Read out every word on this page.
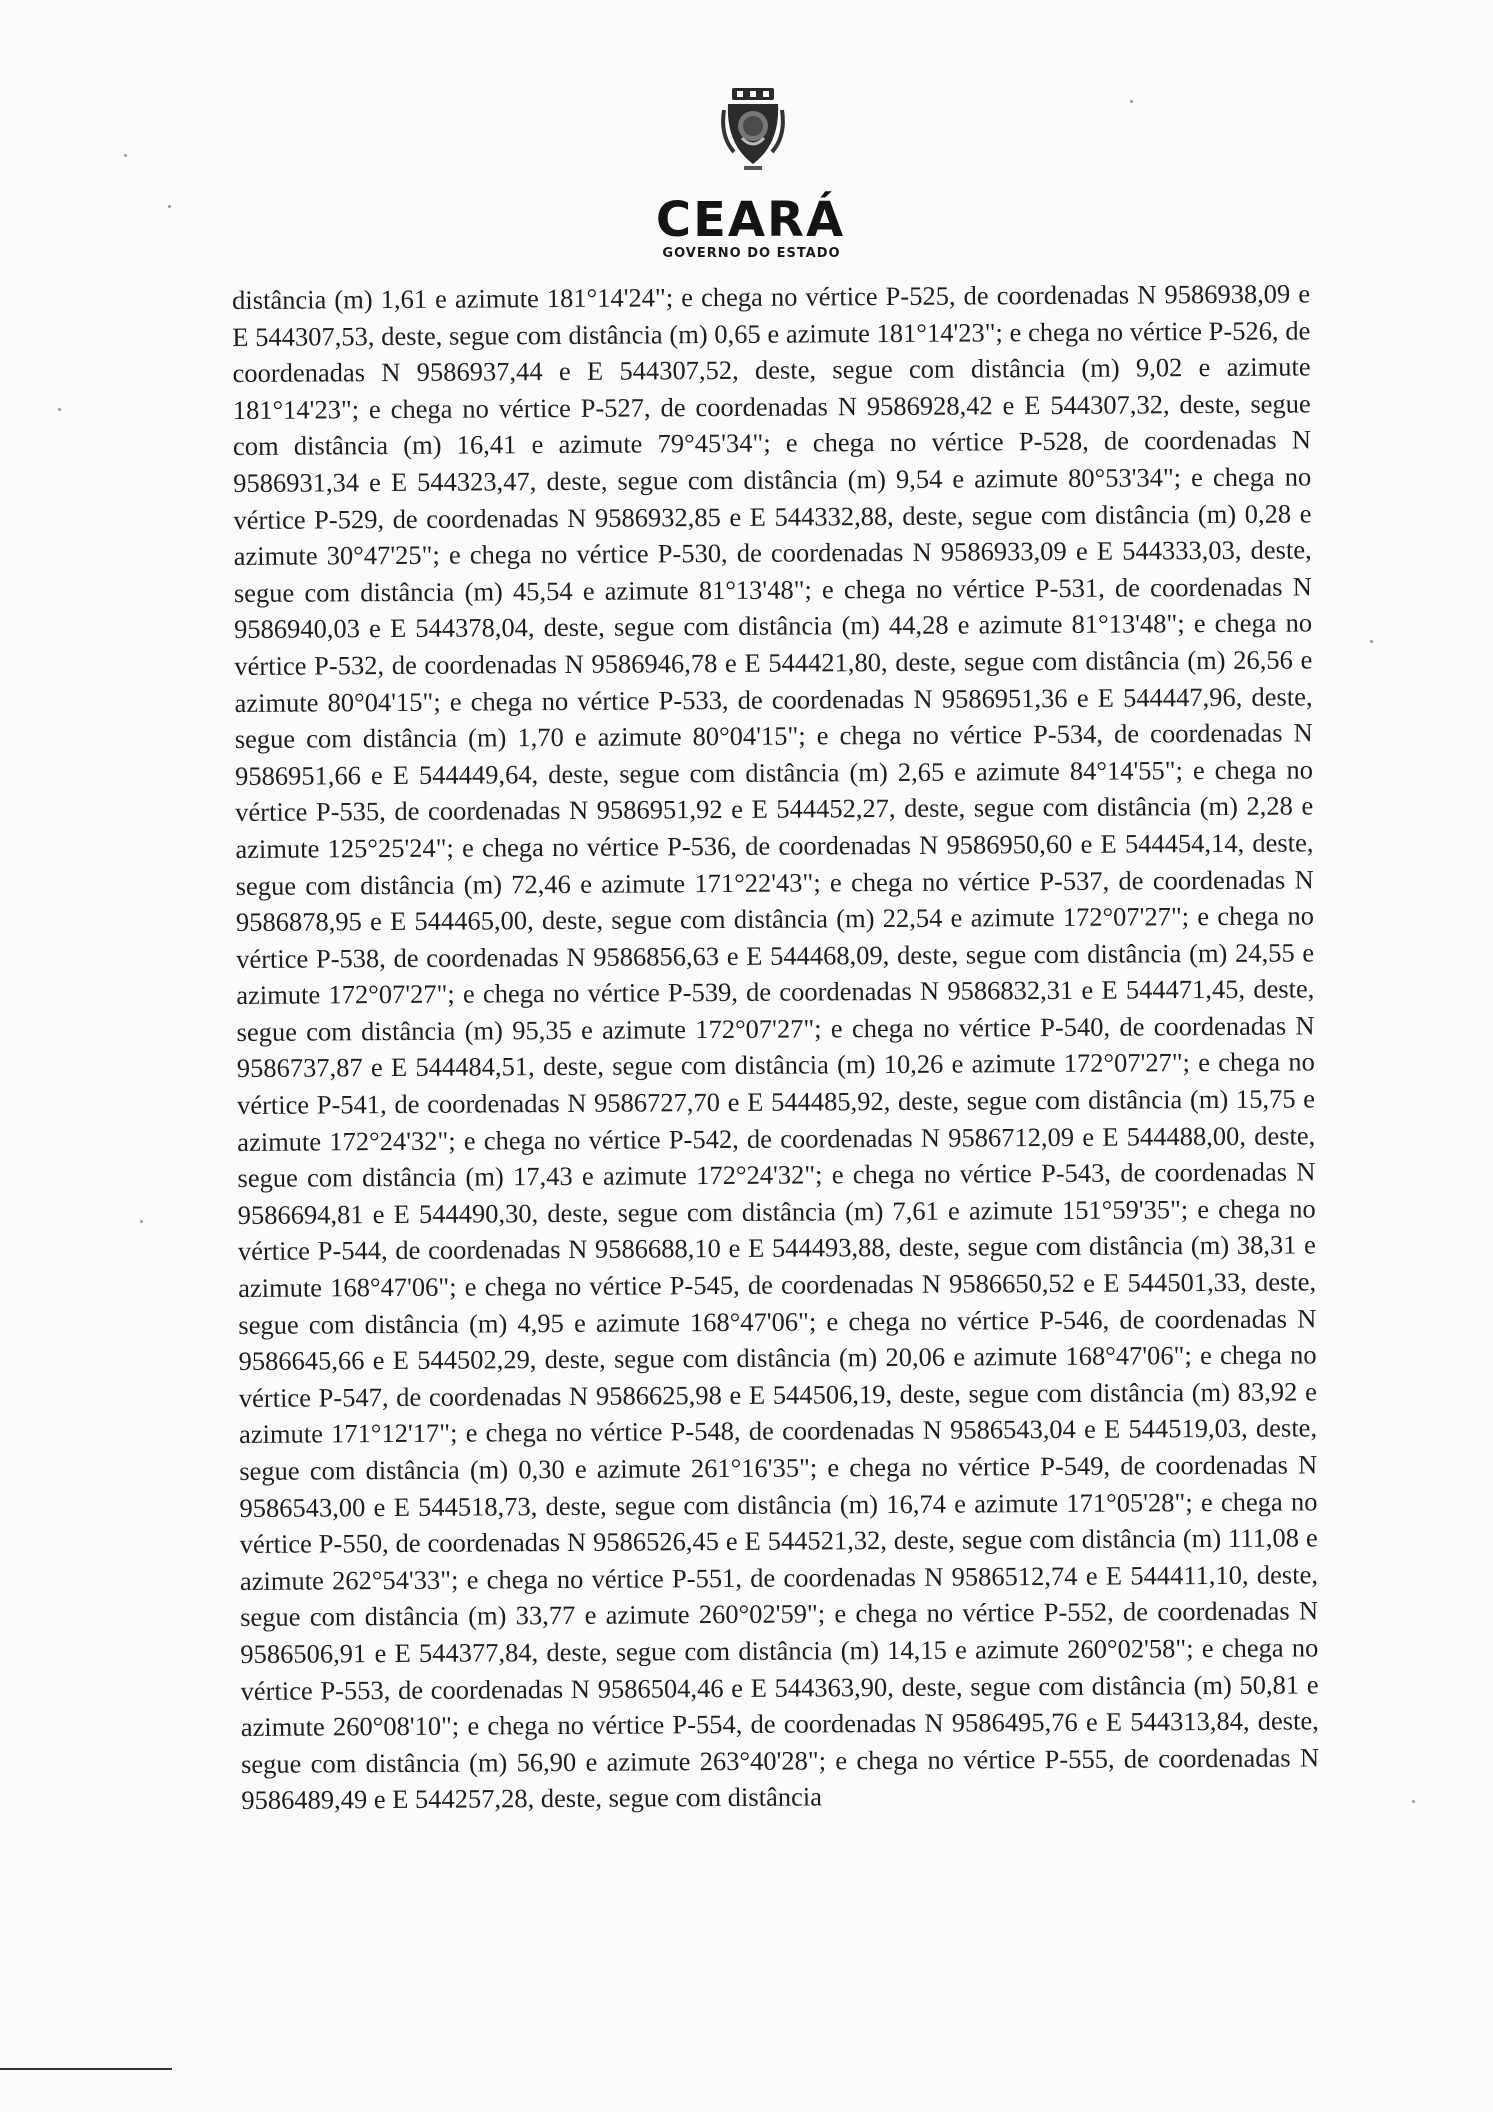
CEARÁ
GOVERNO DO ESTADO

distância (m) 1,61 e azimute 181°14'24"; e chega no vértice P-525, de coordenadas N 9586938,09 e E 544307,53, deste, segue com distância (m) 0,65 e azimute 181°14'23"; e chega no vértice P-526, de coordenadas N 9586937,44 e E 544307,52, deste, segue com distância (m) 9,02 e azimute 181°14'23"; e chega no vértice P-527, de coordenadas N 9586928,42 e E 544307,32, deste, segue com distância (m) 16,41 e azimute 79°45'34"; e chega no vértice P-528, de coordenadas N 9586931,34 e E 544323,47, deste, segue com distância (m) 9,54 e azimute 80°53'34"; e chega no vértice P-529, de coordenadas N 9586932,85 e E 544332,88, deste, segue com distância (m) 0,28 e azimute 30°47'25"; e chega no vértice P-530, de coordenadas N 9586933,09 e E 544333,03, deste, segue com distância (m) 45,54 e azimute 81°13'48"; e chega no vértice P-531, de coordenadas N 9586940,03 e E 544378,04, deste, segue com distância (m) 44,28 e azimute 81°13'48"; e chega no vértice P-532, de coordenadas N 9586946,78 e E 544421,80, deste, segue com distância (m) 26,56 e azimute 80°04'15"; e chega no vértice P-533, de coordenadas N 9586951,36 e E 544447,96, deste, segue com distância (m) 1,70 e azimute 80°04'15"; e chega no vértice P-534, de coordenadas N 9586951,66 e E 544449,64, deste, segue com distância (m) 2,65 e azimute 84°14'55"; e chega no vértice P-535, de coordenadas N 9586951,92 e E 544452,27, deste, segue com distância (m) 2,28 e azimute 125°25'24"; e chega no vértice P-536, de coordenadas N 9586950,60 e E 544454,14, deste, segue com distância (m) 72,46 e azimute 171°22'43"; e chega no vértice P-537, de coordenadas N 9586878,95 e E 544465,00, deste, segue com distância (m) 22,54 e azimute 172°07'27"; e chega no vértice P-538, de coordenadas N 9586856,63 e E 544468,09, deste, segue com distância (m) 24,55 e azimute 172°07'27"; e chega no vértice P-539, de coordenadas N 9586832,31 e E 544471,45, deste, segue com distância (m) 95,35 e azimute 172°07'27"; e chega no vértice P-540, de coordenadas N 9586737,87 e E 544484,51, deste, segue com distância (m) 10,26 e azimute 172°07'27"; e chega no vértice P-541, de coordenadas N 9586727,70 e E 544485,92, deste, segue com distância (m) 15,75 e azimute 172°24'32"; e chega no vértice P-542, de coordenadas N 9586712,09 e E 544488,00, deste, segue com distância (m) 17,43 e azimute 172°24'32"; e chega no vértice P-543, de coordenadas N 9586694,81 e E 544490,30, deste, segue com distância (m) 7,61 e azimute 151°59'35"; e chega no vértice P-544, de coordenadas N 9586688,10 e E 544493,88, deste, segue com distância (m) 38,31 e azimute 168°47'06"; e chega no vértice P-545, de coordenadas N 9586650,52 e E 544501,33, deste, segue com distância (m) 4,95 e azimute 168°47'06"; e chega no vértice P-546, de coordenadas N 9586645,66 e E 544502,29, deste, segue com distância (m) 20,06 e azimute 168°47'06"; e chega no vértice P-547, de coordenadas N 9586625,98 e E 544506,19, deste, segue com distância (m) 83,92 e azimute 171°12'17"; e chega no vértice P-548, de coordenadas N 9586543,04 e E 544519,03, deste, segue com distância (m) 0,30 e azimute 261°16'35"; e chega no vértice P-549, de coordenadas N 9586543,00 e E 544518,73, deste, segue com distância (m) 16,74 e azimute 171°05'28"; e chega no vértice P-550, de coordenadas N 9586526,45 e E 544521,32, deste, segue com distância (m) 111,08 e azimute 262°54'33"; e chega no vértice P-551, de coordenadas N 9586512,74 e E 544411,10, deste, segue com distância (m) 33,77 e azimute 260°02'59"; e chega no vértice P-552, de coordenadas N 9586506,91 e E 544377,84, deste, segue com distância (m) 14,15 e azimute 260°02'58"; e chega no vértice P-553, de coordenadas N 9586504,46 e E 544363,90, deste, segue com distância (m) 50,81 e azimute 260°08'10"; e chega no vértice P-554, de coordenadas N 9586495,76 e E 544313,84, deste, segue com distância (m) 56,90 e azimute 263°40'28"; e chega no vértice P-555, de coordenadas N 9586489,49 e E 544257,28, deste, segue com distância
